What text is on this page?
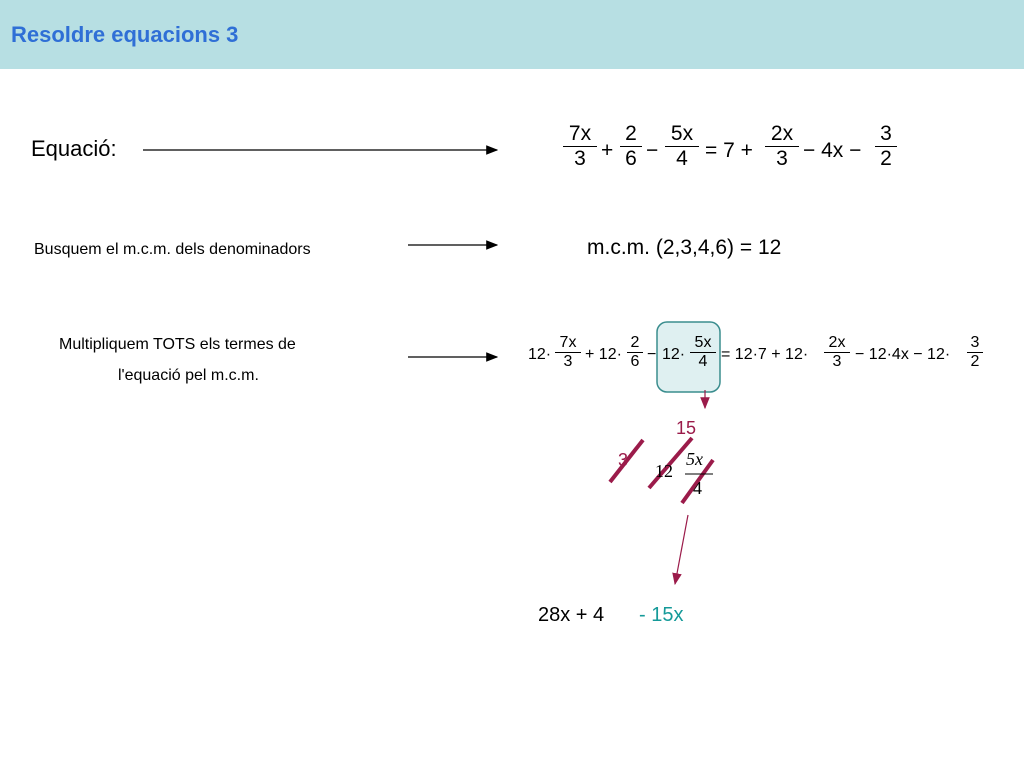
Resoldre equacions 3
Equació:
7x
3 +
2
6 −
5x
4 = 7 +
2x
3 − 4x −
3
2
Busquem el m.c.m. dels denominadors	m.c.m. (2,3,4,6) = 12
Multipliquem TOTS els termes de
l'equació pel m.c.m.
12·
7x
3 + 12·
2
6 − 12·
5x
4 = 12·7 + 12·
2x
3 − 12·4x − 12·
3
2
15
3
12
5x
4
28x + 4 - 15x
